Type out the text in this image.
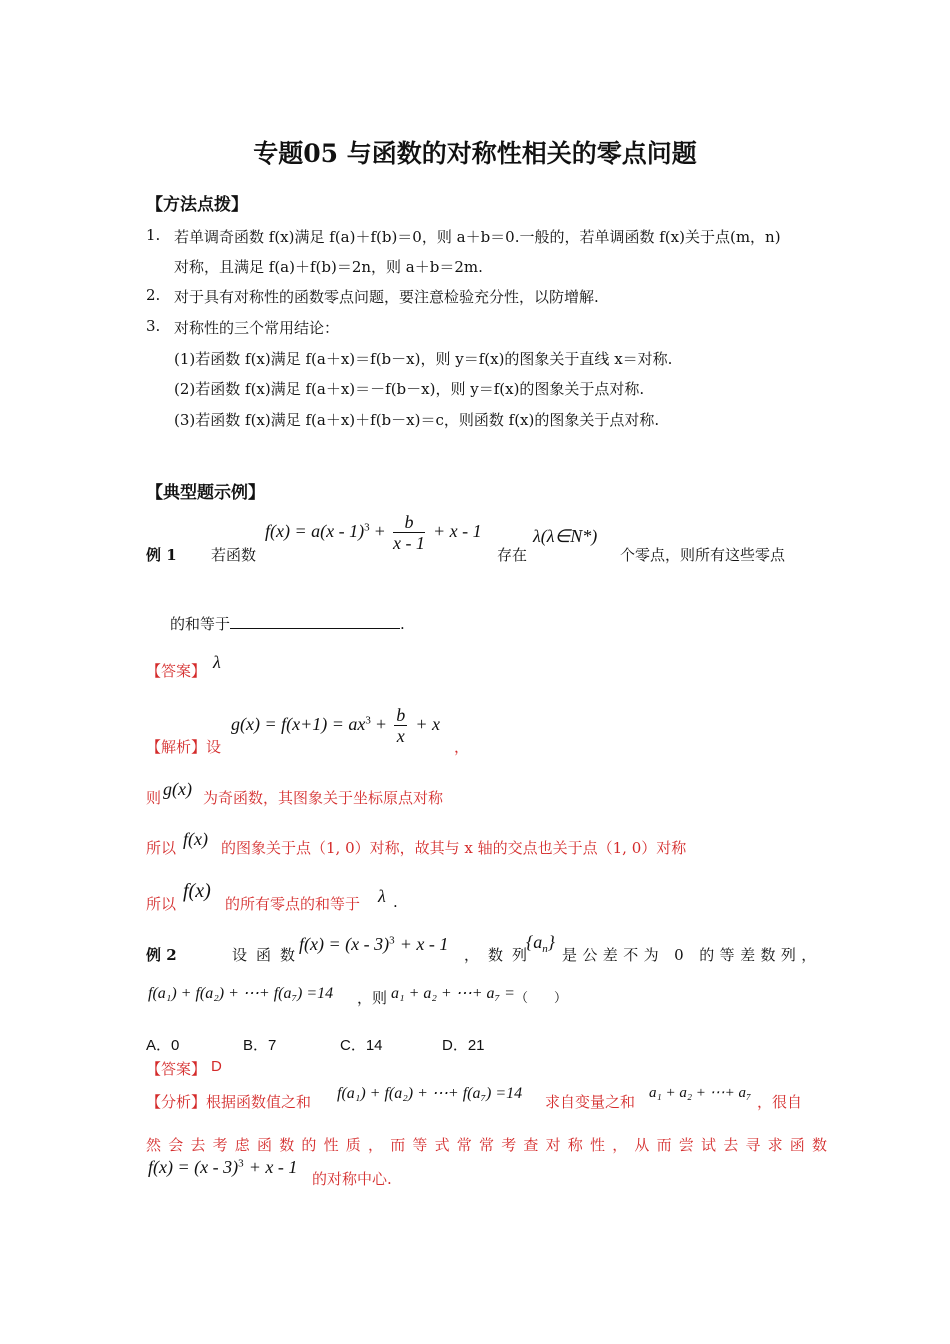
专题05 与函数的对称性相关的零点问题
【方法点拨】
1. 若单调奇函数 f(x)满足 f(a)＋f(b)＝0，则 a＋b＝0.一般的，若单调函数 f(x)关于点(m，n)
对称，且满足 f(a)＋f(b)＝2n，则 a＋b＝2m.
2. 对于具有对称性的函数零点问题，要注意检验充分性，以防增解.
3. 对称性的三个常用结论：
(1)若函数 f(x)满足 f(a＋x)＝f(b－x)，则 y＝f(x)的图象关于直线 x＝对称.
(2)若函数 f(x)满足 f(a＋x)＝－f(b－x)，则 y＝f(x)的图象关于点对称.
(3)若函数 f(x)满足 f(a＋x)＋f(b－x)＝c，则函数 f(x)的图象关于点对称.
【典型题示例】
例 1 若函数
$f(x) = a(x - 1)^3 + \frac{b}{x - 1} + x - 1$
存在
λ(λ∈N*)
个零点，则所有这些零点
的和等于	.
【答案】 λ
【解析】设
$g(x) = f(x+1) = ax^3 + \frac{b}{x} + x$
，
则 g(x) 为奇函数，其图象关于坐标原点对称
所以 f(x) 的图象关于点（1, 0）对称，故其与 x 轴的交点也关于点（1, 0）对称
所以
f(x)
的所有零点的和等于 λ .
例 2	设函数
f(x) = (x - 3)$^3$ + x - 1
，数列
$\{a_n\}$
是公差不为 0 的等差数列，
f(a₁) + f(a₂) + ⋯+ f(a₇) =14 ，则 a₁ + a₂ + ⋯+ a₇ = （　　）
A．0	B．7	C．14	D．21
【答案】 D
【分析】根据函数值之和 f(a₁) + f(a₂) + ⋯+ f(a₇) =14 求自变量之和 a₁ + a₂ + ⋯+ a₇ ，很自
然会去考虑函数的性质，而等式常常考查对称性，从而尝试去寻求函数
f(x) = (x - 3)$^3$ + x - 1
的对称中心.
